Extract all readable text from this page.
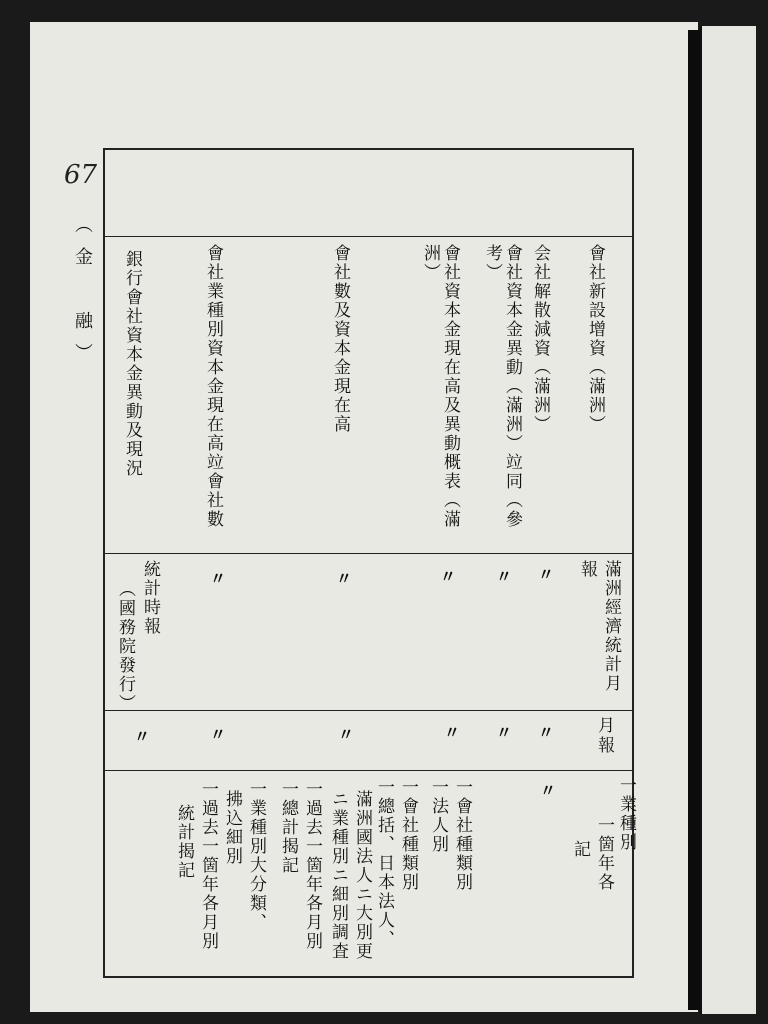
67
（金　融）	會社新設增資（滿洲）
会社解散減資（滿洲）
會社資本金異動（滿洲）竝同（參考）
會社資本金現在高及異動概表（滿洲）
會社數及資本金現在高
會社業種別資本金現在高竝會社數
銀行會社資本金異動及現況
滿洲經濟統計月
報
〃
〃
〃
〃
〃
統計時報
（國務院發行）
月
報
〃
〃
〃
〃
〃
〃
一業種別
一箇年各
記
〃
一會社種類別
一法人別
一會社種類別
一總括、日本法人、
滿洲國法人ニ大別更
ニ業種別ニ細別調査
一過去一箇年各月別
一總計揭記
一業種別大分類、
拂込細別
一過去一箇年各月別
統計揭記
